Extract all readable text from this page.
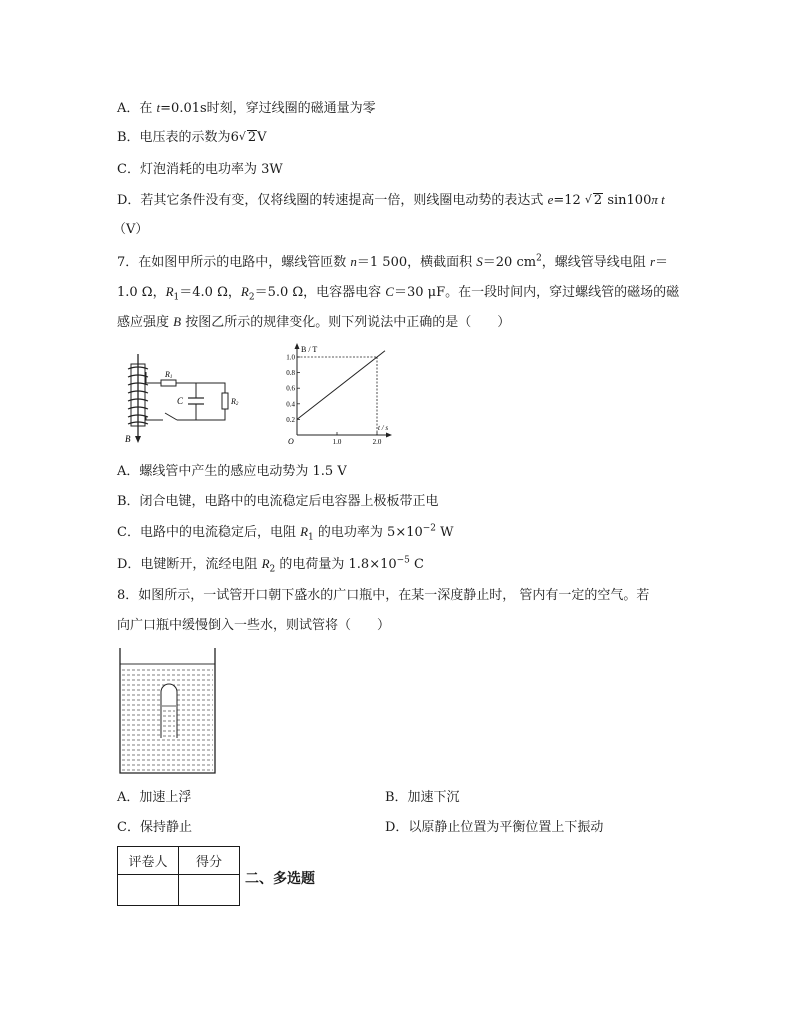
A．在 t=0.01s时刻，穿过线圈的磁通量为零
B．电压表的示数为6 √ 2V
C．灯泡消耗的电功率为 3W
D．若其它条件没有变，仅将线圈的转速提高一倍，则线圈电动势的表达式 e=12 √ 2 sin100π t
（V）
7．在如图甲所示的电路中，螺线管匝数 n＝1 500，横截面积 S＝20 $cm^2$，螺线管导线电阻 r＝
1.0 Ω，$R_1=4.0$ Ω，$R_2=5.0$ Ω，电容器电容 C＝30 μF。在一段时间内，穿过螺线管的磁场的磁
感应强度 B 按图乙所示的规律变化。则下列说法中正确的是（　　）
R1
R2
C
B
0.2
0.4
0.6
0.8
1.0
1.0	2.0
B / T
t / s
O
A．螺线管中产生的感应电动势为 1.5 V
B．闭合电键，电路中的电流稳定后电容器上极板带正电
C．电路中的电流稳定后，电阻 $R_1$ 的电功率为 $5\times 10^{-2}$ W
D．电键断开，流经电阻 $R_2$ 的电荷量为 $1.8\times 10^{-5}$ C
8．如图所示，一试管开口朝下盛水的广口瓶中，在某一深度静止时， 管内有一定的空气。若
向广口瓶中缓慢倒入一些水，则试管将（　　）
A．加速上浮	B．加速下沉
C．保持静止	D．以原静止位置为平衡位置上下振动
评卷人	得分

二、多选题
